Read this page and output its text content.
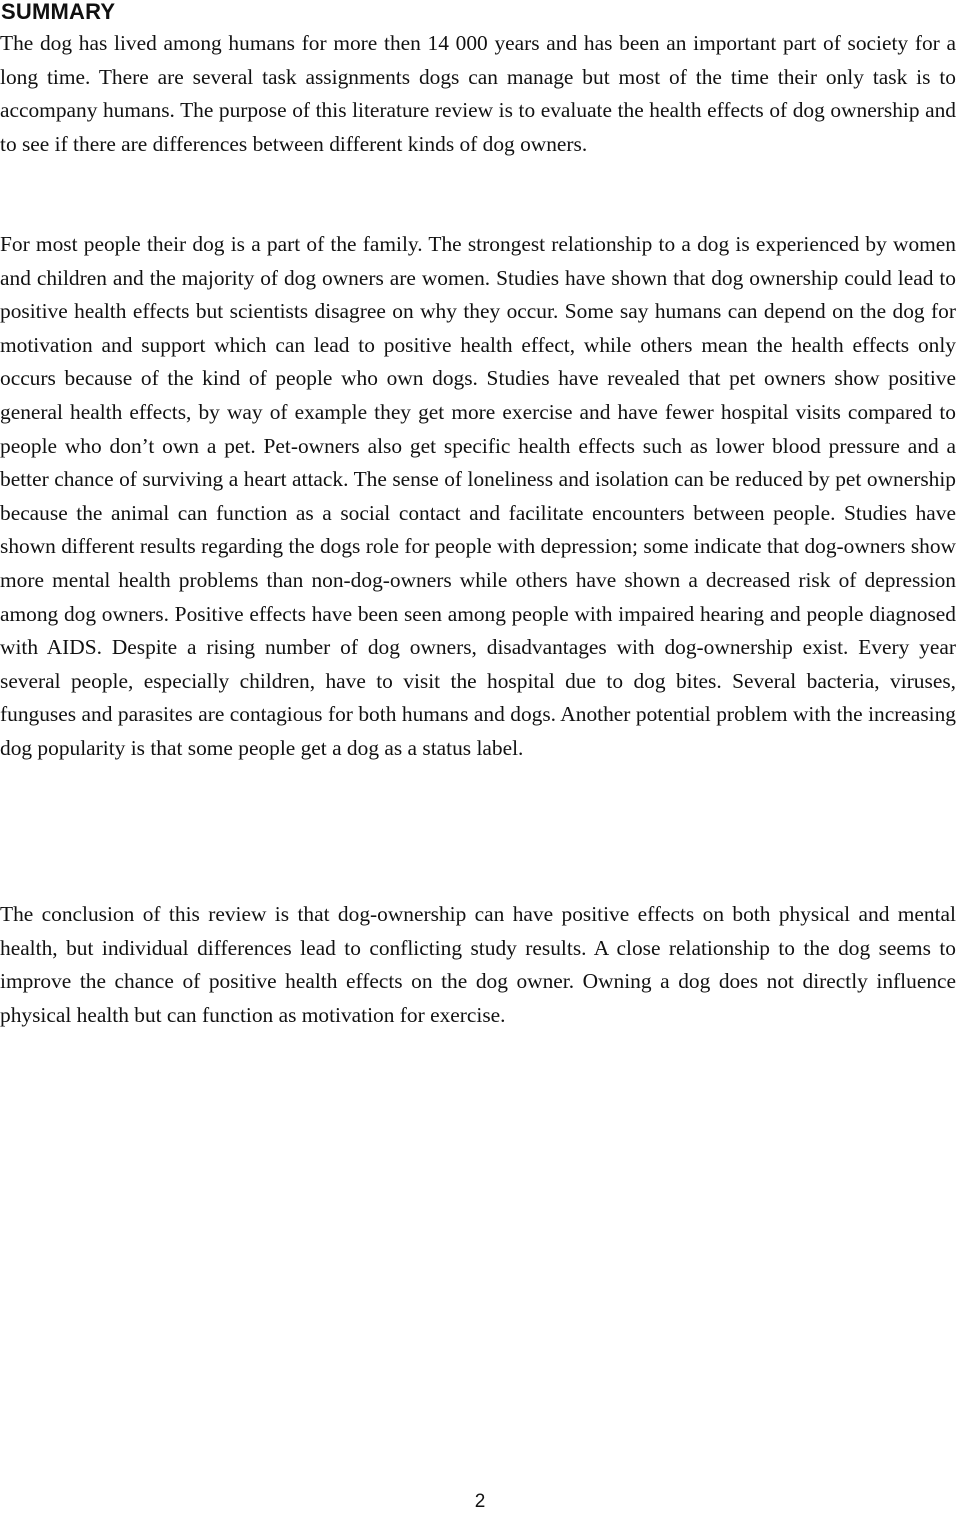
SUMMARY

The dog has lived among humans for more then 14 000 years and has been an important part of society for a long time. There are several task assignments dogs can manage but most of the time their only task is to accompany humans. The purpose of this literature review is to evaluate the health effects of dog ownership and to see if there are differences between different kinds of dog owners.

For most people their dog is a part of the family. The strongest relationship to a dog is experienced by women and children and the majority of dog owners are women. Studies have shown that dog ownership could lead to positive health effects but scientists disagree on why they occur. Some say humans can depend on the dog for motivation and support which can lead to positive health effect, while others mean the health effects only occurs because of the kind of people who own dogs. Studies have revealed that pet owners show positive general health effects, by way of example they get more exercise and have fewer hospital visits compared to people who don’t own a pet. Pet-owners also get specific health effects such as lower blood pressure and a better chance of surviving a heart attack. The sense of loneliness and isolation can be reduced by pet ownership because the animal can function as a social contact and facilitate encounters between people. Studies have shown different results regarding the dogs role for people with depression; some indicate that dog-owners show more mental health problems than non-dog-owners while others have shown a decreased risk of depression among dog owners. Positive effects have been seen among people with impaired hearing and people diagnosed with AIDS. Despite a rising number of dog owners, disadvantages with dog-ownership exist. Every year several people, especially children, have to visit the hospital due to dog bites. Several bacteria, viruses, funguses and parasites are contagious for both humans and dogs. Another potential problem with the increasing dog popularity is that some people get a dog as a status label.

The conclusion of this review is that dog-ownership can have positive effects on both physical and mental health, but individual differences lead to conflicting study results. A close relationship to the dog seems to improve the chance of positive health effects on the dog owner. Owning a dog does not directly influence physical health but can function as motivation for exercise.

2
